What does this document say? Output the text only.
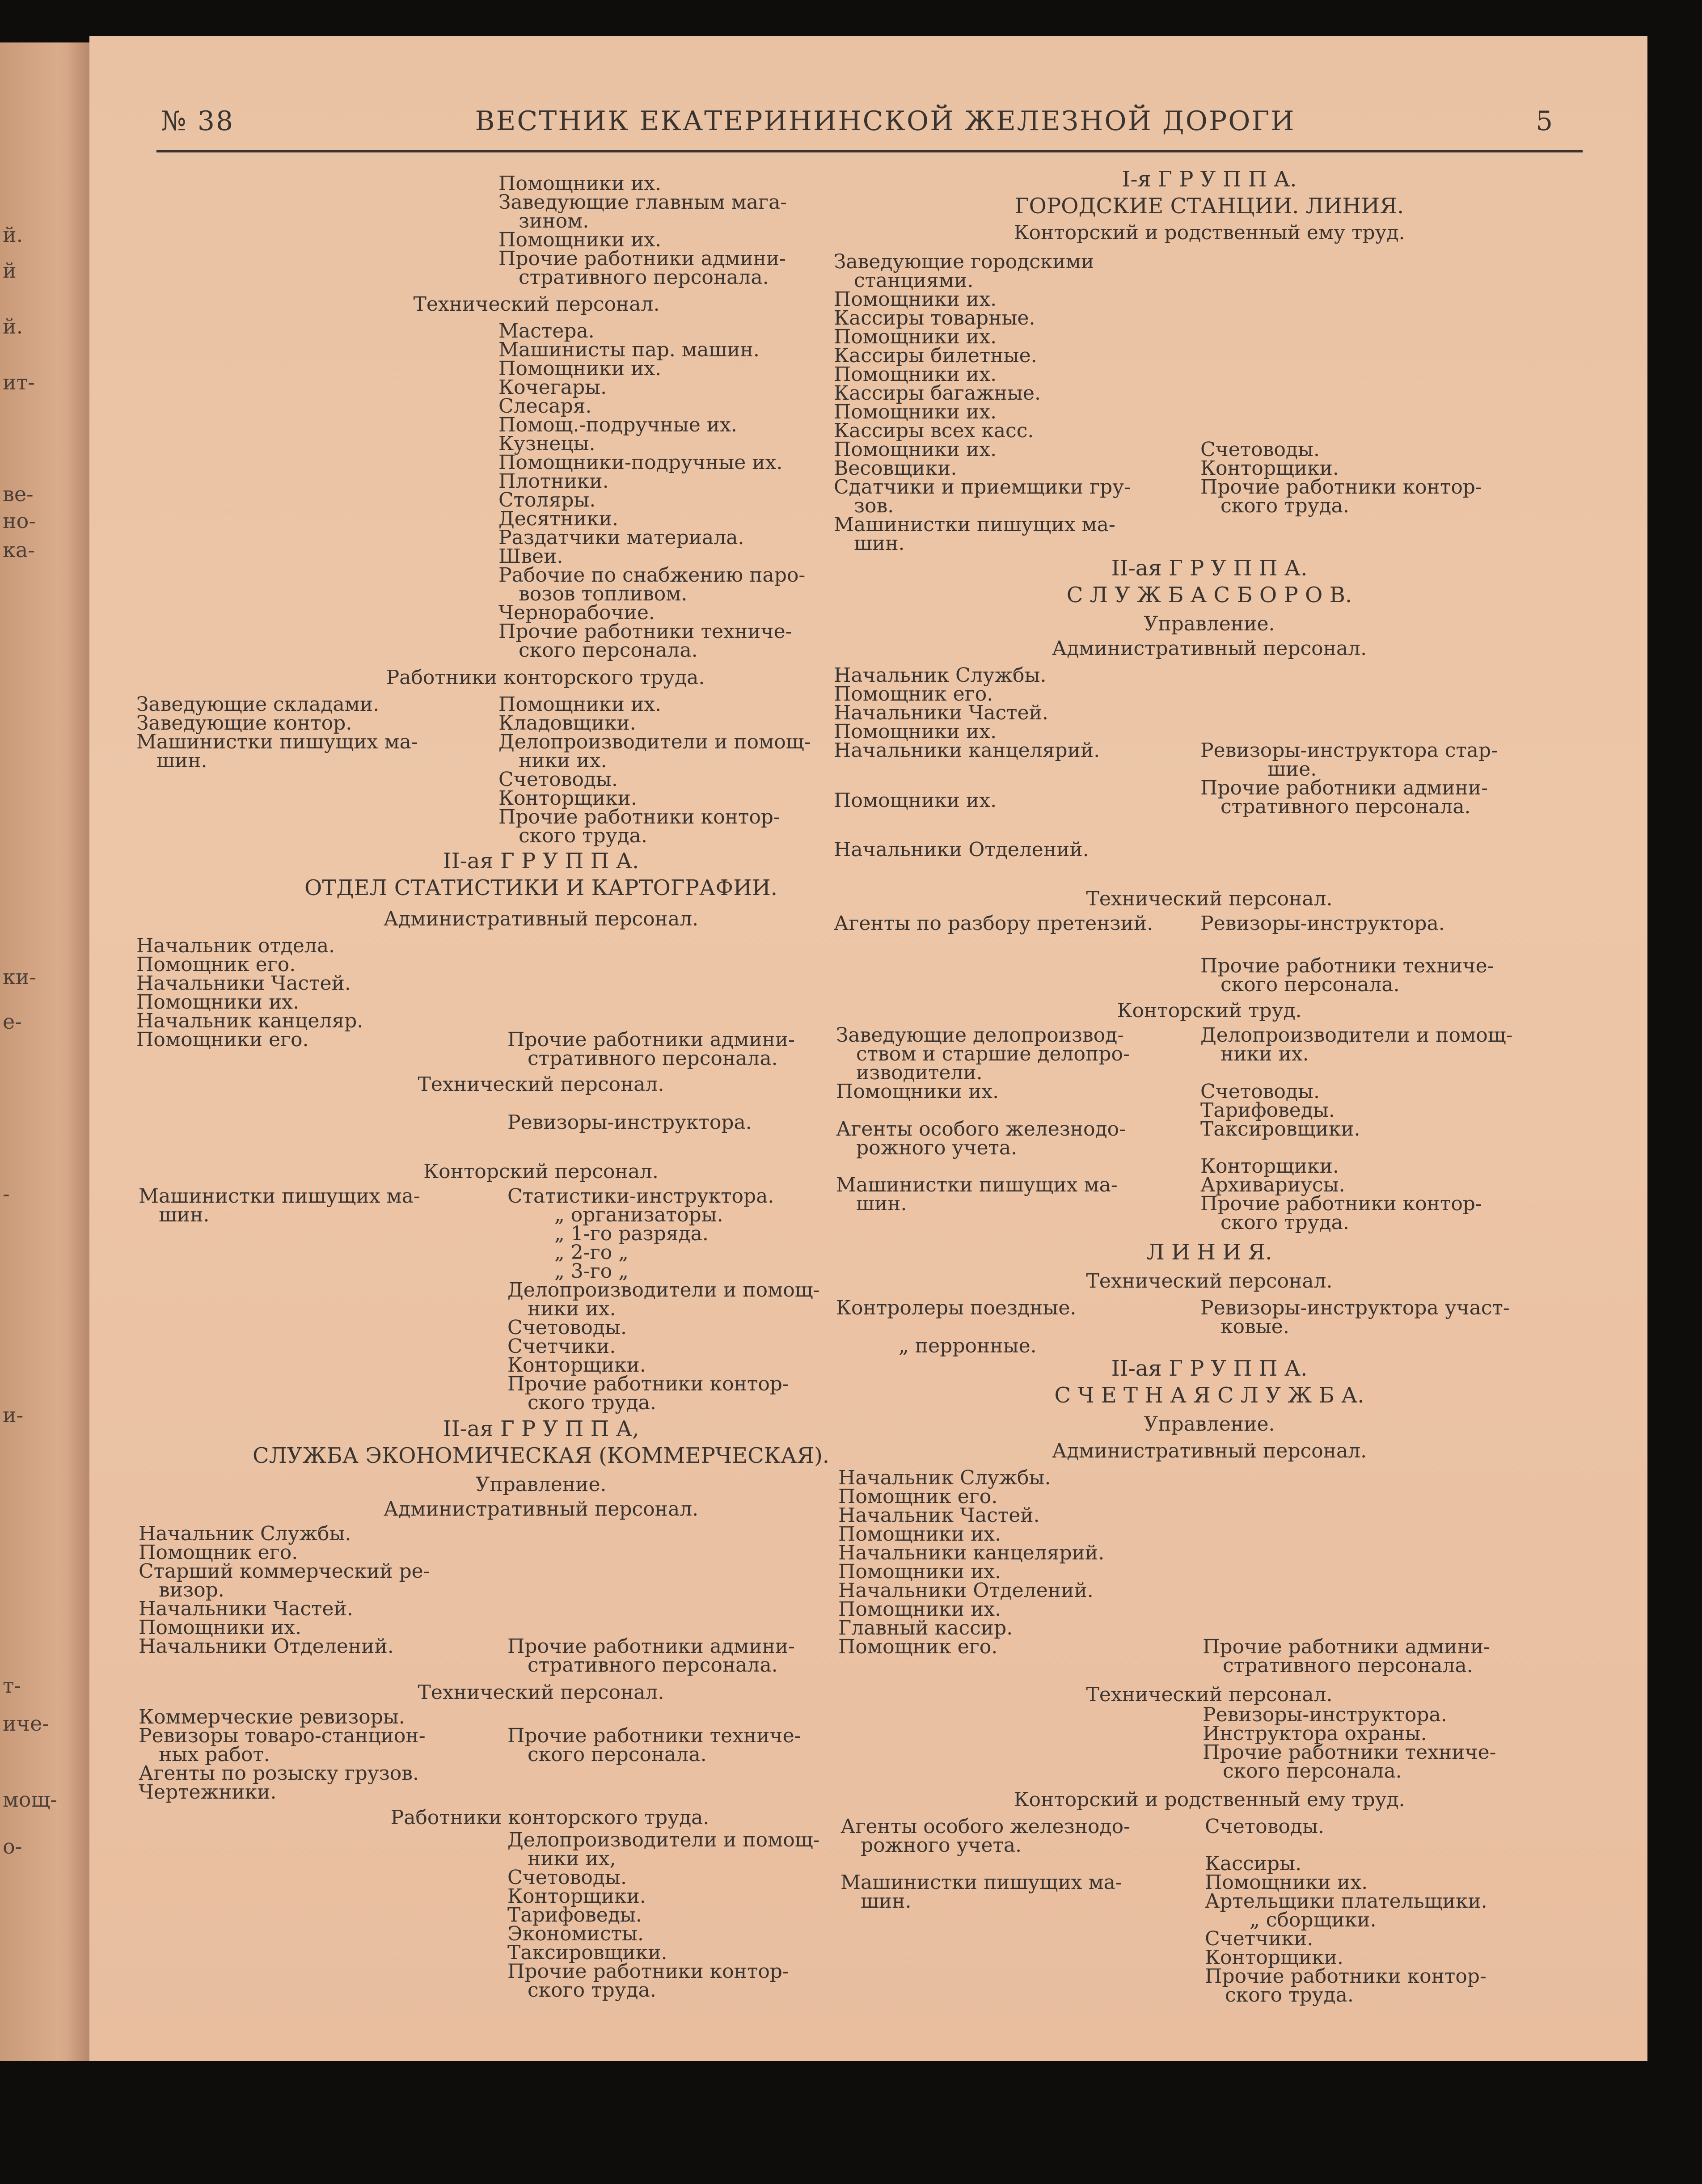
й.
й
й.
ит-
ве-
но-
ка-
ки-
е-
-
и-
т-
иче-
мощ-
о-
№ 38	ВЕСТНИК ЕКАТЕРИНИНСКОЙ ЖЕЛЕЗНОЙ ДОРОГИ	5
Помощники их.
Заведующие главным мага-
зином.
Помощники их.
Прочие работники админи-
стративного персонала.
Технический персонал.
Мастера.
Машинисты пар. машин.
Помощники их.
Кочегары.
Слесаря.
Помощ.-подручные их.
Кузнецы.
Помощники-подручные их.
Плотники.
Столяры.
Десятники.
Раздатчики материала.
Швеи.
Рабочие по снабжению паро-
возов топливом.
Чернорабочие.
Прочие работники техниче-
ского персонала.
Работники конторского труда.
Заведующие складами.
Заведующие контор.
Машинистки пишущих ма-
шин.
Помощники их.
Кладовщики.
Делопроизводители и помощ-
ники их.
Счетоводы.
Конторщики.
Прочие работники контор-
ского труда.
II-ая Г Р У П П А.
ОТДЕЛ СТАТИСТИКИ И КАРТОГРАФИИ.
Административный персонал.
Начальник отдела.
Помощник его.
Начальники Частей.
Помощники их.
Начальник канцеляр.
Помощники его.	Прочие работники админи-
стративного персонала.
Технический персонал.
Ревизоры-инструктора.
Конторский персонал.
Машинистки пишущих ма-
шин.
Статистики-инструктора.
„ организаторы.
„ 1-го разряда.
„ 2-го „
„ 3-го „
Делопроизводители и помощ-
ники их.
Счетоводы.
Счетчики.
Конторщики.
Прочие работники контор-
ского труда.
II-ая Г Р У П П А,
СЛУЖБА ЭКОНОМИЧЕСКАЯ (КОММЕРЧЕСКАЯ).
Управление.
Административный персонал.
Начальник Службы.
Помощник его.
Старший коммерческий ре-
визор.
Начальники Частей.
Помощники их.
Начальники Отделений.	Прочие работники админи-
стративного персонала.
Технический персонал.
Коммерческие ревизоры.
Ревизоры товаро-станцион-
ных работ.
Агенты по розыску грузов.
Чертежники.
Прочие работники техниче-
ского персонала.
Работники конторского труда.
Делопроизводители и помощ-
ники их,
Счетоводы.
Конторщики.
Тарифоведы.
Экономисты.
Таксировщики.
Прочие работники контор-
ского труда.
I-я Г Р У П П А.
ГОРОДСКИЕ СТАНЦИИ. ЛИНИЯ.
Конторский и родственный ему труд.
Заведующие городскими
станциями.
Помощники их.
Кассиры товарные.
Помощники их.
Кассиры билетные.
Помощники их.
Кассиры багажные.
Помощники их.
Кассиры всех касс.
Помощники их.
Весовщики.
Сдатчики и приемщики гру-
зов.
Машинистки пишущих ма-
шин.
Счетоводы.
Конторщики.
Прочие работники контор-
ского труда.
II-ая Г Р У П П А.
С Л У Ж Б А С Б О Р О В.
Управление.
Административный персонал.
Начальник Службы.
Помощник его.
Начальники Частей.
Помощники их.
Начальники канцелярий.
Помощники их.
Начальники Отделений.
Ревизоры-инструктора стар-
шие.
Прочие работники админи-
стративного персонала.
Технический персонал.
Агенты по разбору претензий. Ревизоры-инструктора.
Прочие работники техниче-
ского персонала.
Конторский труд.
Заведующие делопроизвод-
ством и старшие делопро-
изводители.
Помощники их.
Агенты особого железнодо-
рожного учета.
Машинистки пишущих ма-
шин.
Делопроизводители и помощ-
ники их.
Счетоводы.
Тарифоведы.
Таксировщики.
Конторщики.
Архивариусы.
Прочие работники контор-
ского труда.
Л И Н И Я.
Технический персонал.
Контролеры поездные.
„ перронные.
Ревизоры-инструктора участ-
ковые.
II-ая Г Р У П П А.
С Ч Е Т Н А Я С Л У Ж Б А.
Управление.
Административный персонал.
Начальник Службы.
Помощник его.
Начальник Частей.
Помощники их.
Начальники канцелярий.
Помощники их.
Начальники Отделений.
Помощники их.
Главный кассир.
Помощник его.	Прочие работники админи-
стративного персонала.
Технический персонал.
Ревизоры-инструктора.
Инструктора охраны.
Прочие работники техниче-
ского персонала.
Конторский и родственный ему труд.
Агенты особого железнодо-
рожного учета.
Машинистки пишущих ма-
шин.
Счетоводы.
Кассиры.
Помощники их.
Артельщики плательщики.
„ сборщики.
Счетчики.
Конторщики.
Прочие работники контор-
ского труда.
